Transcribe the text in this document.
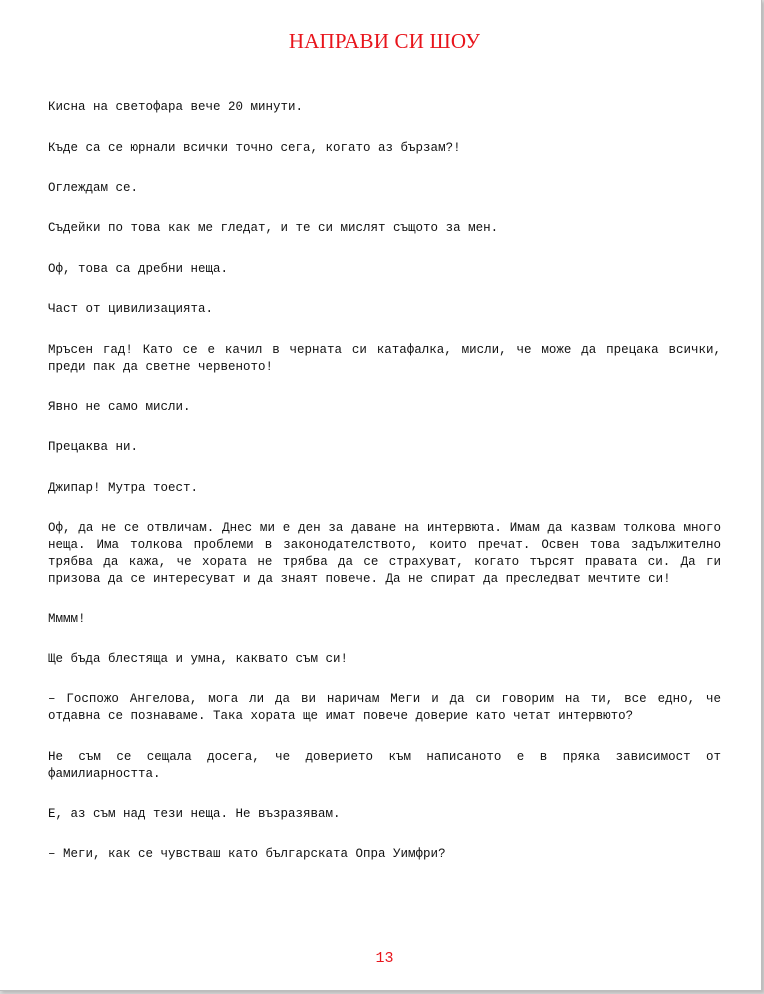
НАПРАВИ СИ ШОУ

Кисна на светофара вече 20 минути.

Къде са се юрнали всички точно сега, когато аз бързам?!

Оглеждам се.

Съдейки по това как ме гледат, и те си мислят същото за мен.

Оф, това са дребни неща.

Част от цивилизацията.

Мръсен гад! Като се е качил в черната си катафалка, мисли, че може да прецака всички, преди пак да светне червеното!

Явно не само мисли.

Прецаква ни.

Джипар! Мутра тоест.

Оф, да не се отвличам. Днес ми е ден за даване на интервюта. Имам да казвам толкова много неща. Има толкова проблеми в законодателството, които пречат. Освен това задължително трябва да кажа, че хората не трябва да се страхуват, когато търсят правата си. Да ги призова да се интересуват и да знаят повече. Да не спират да преследват мечтите си!

Мммм!

Ще бъда блестяща и умна, каквато съм си!

– Госпожо Ангелова, мога ли да ви наричам Меги и да си говорим на ти, все едно, че отдавна се познаваме. Така хората ще имат повече доверие като четат интервюто?

Не съм се сещала досега, че доверието към написаното е в пряка зависимост от фамилиарността.

Е, аз съм над тези неща. Не възразявам.

– Меги, как се чувстваш като българската Опра Уимфри?

13
